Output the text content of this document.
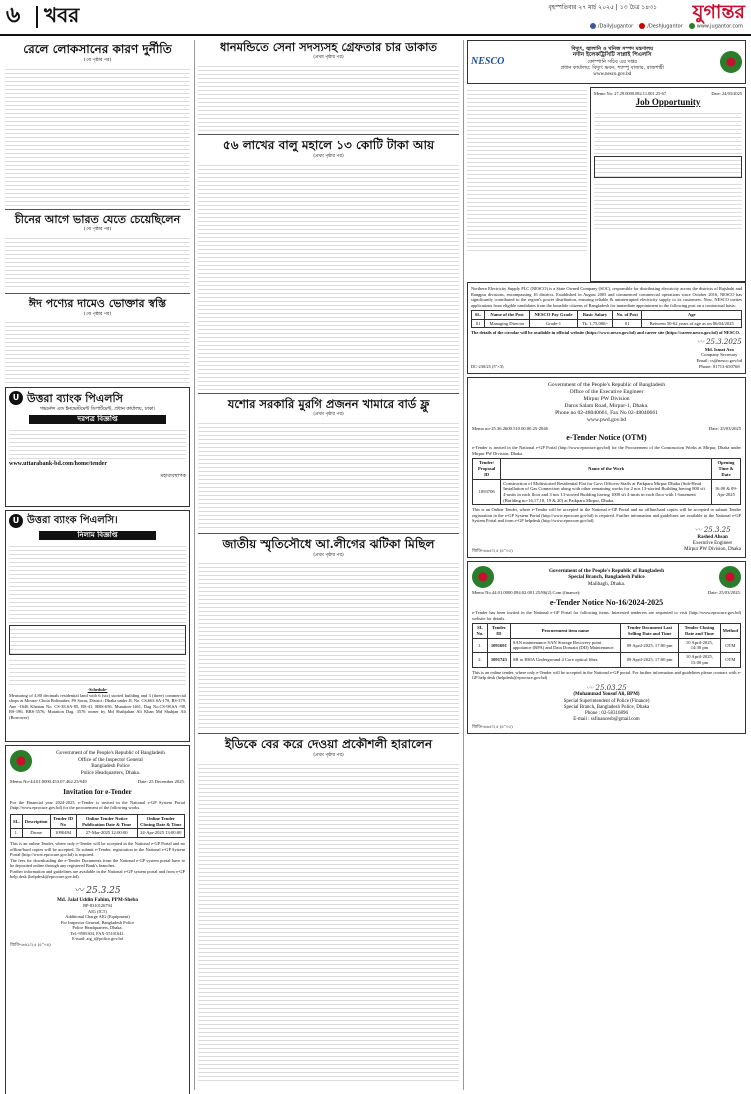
৬ খবর	বৃহস্পতিবার ২৭ মার্চ ২০২৫ | ১৩ চৈত্র ১৪৩১ যুগান্তর
/DailyJugantor	/DeshJugantor	www.jugantor.com
রেলে লোকসানের কারণ দুর্নীতি
(৩য় পৃষ্ঠার পর)
চীনের আগে ভারত যেতে চেয়েছিলেন
(৩য় পৃষ্ঠার পর)
ঈদ পণ্যের দামেও ভোক্তার স্বস্তি
(৩য় পৃষ্ঠার পর)
U উত্তরা ব্যাংক পিএলসি
গভর্নেন্স এন্ড ইনভেস্টমেন্ট ডিপার্টমেন্ট, প্রধান কার্যালয়, ঢাকা।
দরপত্র বিজ্ঞপ্তি
www.uttarabank-bd.com/home/tender
মহাব্যবস্থাপক
U উত্তরা ব্যাংক পিএলসি।
নিলাম বিজ্ঞপ্তি
-Schedule-
Measuring of 4.80 decimals residential land with 6 (six) storied building and 3 (three) commercial shops at Mouza- Chota Bolimaher, PS Savar, District: Dhaka under JL No. CS,663 SA-178, RS-379, Ane -1646 Khatian No. CS-38,SA-85, RS-41, BRS-656, Mutation-1461, Dag No.CS-98,SA -98, RS-196, BRS-3576, Mutation Dag. 3576 owner by Md Shahjahan Ali Khan Md Shahjan Ali (Borrower)
Government of the People's Republic of Bangladesh
Office of the Inspector General
Bangladesh Police
Police Headquarters, Dhaka.
Memo No-44.01.0000.453.07.462.25/949	Date: 25 December 2025.
Invitation for e-Tender
For the Financial year 2024-2025, e-Tender is invited in the National e-GP System Portal (http://www.eprocure.gov.bd) for the procurement of the following works.
SL.	Description	Tender ID No	Online Tender Notice Publication Date & Time	Online Tender Closing Date & Time
1.	Drone	1090494	27-Mar-2025 12:00:00	24-Apr-2025 13:00:00
This is an online Tender, where only e-Tender will be accepted in the National e-GP Portal and no offline/hard copies will be accepted. To submit e-Tender, registration in the National e-GP System Portal (http://www.eprocure.gov.bd) is required.
The fees for downloading the e-Tender Documents from the National e-GP system portal have to be deposited online through any registered Bank's branches.
Further information and guidelines are available in the National e-GP system portal and from e-GP help desk (helpdesk@eprocure.gov.bd).
〰 25.3.25
Md. Jalal Uddin Fahim, PPM-Sheba
BP-8310126794
AIG (ICT)
Additional Charge AIG (Equipment)
For Inspector General, Bangladesh Police
Police Headquarters, Dhaka.
Tel:-9585304, FAX-55101641.
E-mail: aig_t@police.gov.bd
জিডি-৬৬১/২৫ (৫"×৪)
ধানমন্ডিতে সেনা সদস্যসহ গ্রেফতার চার ডাকাত
(প্রথম পৃষ্ঠার পর)
৫৬ লাখের বালু মহালে ১৩ কোটি টাকা আয়
(প্রথম পৃষ্ঠার পর)
যশোর সরকারি মুরগি প্রজনন খামারে বার্ড ফ্লু
(প্রথম পৃষ্ঠার পর)
জাতীয় স্মৃতিসৌধে আ.লীগের ঝটিকা মিছিল
(প্রথম পৃষ্ঠার পর)
ইডিকে বের করে দেওয়া প্রকৌশলী হারালেন
(প্রথম পৃষ্ঠার পর)
NESCO
বিদ্যুৎ, জ্বালানি ও খনিজ সম্পদ মন্ত্রণালয়
নর্দান ইলেকট্রিসিটি সাপ্লাই পিএলসি
কোম্পানি সচিব এর দপ্তর
প্রধান কার্যালয়: বিদ্যুৎ ভবন, শ্যাম্পু বাজার, রাজশাহী
www.nesco.gov.bd
Memo No: 27.29.0000.082.11.001.25-67	Date: 24/03/2025
Job Opportunity
Northern Electricity Supply PLC (NESCO) is a State Owned Company (SOC), responsible for distributing electricity across the districts of Rajshahi and Rangpur divisions, encompassing 16 districts. Established in August 2005 and commenced commercial operations since October 2016, NESCO has significantly contributed to the region's power distribution, ensuring reliable & uninterrupted electricity supply to its customers. Now, NESCO invites applications from eligible candidates from the bonafide citizens of Bangladesh for immediate appointment to the following post on a contractual basis:
SL.	Name of the Post	NESCO Pay Grade	Basic Salary	No. of Post	Age
01	Managing Director	Grade-1	Tk. 1,75,000/-	01	Between 50-62 years of age as on 06/04/2025
The details of the circular will be available in official website (https://www.nesco.gov.bd) and career site (https://career.nesco.gov.bd) of NESCO.
DC-230/25 (5"×3)
〰 25.3.2025
Md. Ismat Ara
Company Secretary
Email: cs@nesco.gov.bd
Phone: 01713-650768
Government of the People's Republic of Bangladesh
Office of the Executive Engineer
Mirpur PW Division
Darus Salam Road, Mirpur-1, Dhaka.
Phone no 02-48040661, Fax No 02-48040661
www.pwd.gov.bd
Memo no-25.36.2600.510.00.00.25-2046	Date: 25/03/2025
e-Tender Notice (OTM)
e-Tender is invited in the National e-GP Portal (http://www.eprocure.gov.bd) for the Procurement of the Construction Works at Mirpur, Dhaka under Mirpur PW Division, Dhaka.
Tender/ Proposal ID	Name of the Work	Opening Time & Date
1093706	Construction of Multistoried Residential Flat for Govt Officers-Staffs at Paikpara Mirpur Dhaka (Sub-Head Installation of Gas Connection along with other remaining works for 2 nos 13-storied Building having 800 sft 4-units in each floor and 3 nos 13-storied Building having 1000 sft 4-units in each floor with 1-basement (Building no-16,17,18, 19 & 20) at Paikpara Mirpur, Dhaka.	16.00 & 09-Apr-2025
This is an Online Tender, where e-Tender will be accepted in the National e-GP Portal and no offline/hard copies will be accepted to submit Tender registration in the e-GP System Portal (http://www.eprocure.gov.bd) is required. Further information and guidelines are available in the National e-GP System Portal and from e-GP helpdesk (http://www.eprocure.gov.bd).
জিডি-৬৬৫/২৫ (৫"×৫)
〰 25.3.25
Rashed Ahsan
Executive Engineer
Mirpur PW Division, Dhaka
Government of the People's Republic of Bangladesh
Special Branch, Bangladesh Police
Malibagh, Dhaka.
Memo No.44.01.0000.094.02.001.25/86(2) Com (finance);	Date: 25/03/2025.
e-Tender Notice No-16/2024-2025
e-Tender has been invited in the National e-GP Portal for following items. Interested tenderers are requested to visit (http://www.eprocure.gov.bd) website for details.
SL No.	Tender ID	Procurement item name	Tender Document Last Selling Date and Time	Tender Closing Date and Time	Method
1.	1091691	SAN maintenance SAN Storage Recovery point appoiance (RPA) and Data Domain (DD) Maintenance.	09 April-2025, 17:00 pm	10 April-2025, 14:30 pm	OTM
2.	1091743	SB to HSIA Underground 4 Core optical fiber.	09 April-2025, 17:00 pm	10 April-2025, 15:00 pm	OTM
This is an online tender, where only e-Tender will be accepted in the National e-GP portal. For further information and guidelines please contract with e-GP help desk (helpdesk@eprocure.gov.bd).
〰 25.03.25
(Mohammad Yousuf Ali, BPM)
Special Superintendent of Police (Finance)
Special Branch, Bangladesh Police, Dhaka
Phone : 02-58316896
E-mail : ssfinancesb@gmail.com
জিডি-৬৬৫/২৫ (৫"×৫)
